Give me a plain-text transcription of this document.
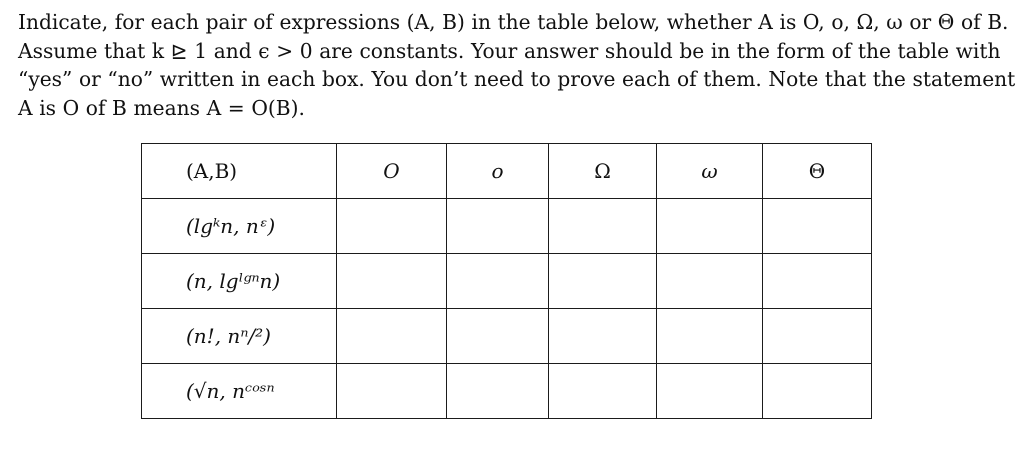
Indicate, for each pair of expressions (A, B) in the table below, whether A is O, o, Ω, ω or Θ of B.
Assume that k ⊵ 1 and ϵ > 0 are constants. Your answer should be in the form of the table with
“yes” or “no” written in each box. You don’t need to prove each of them. Note that the statement
A is O of B means A = O(B).
(A,B)	O	o	Ω	ω	Θ
(lgᵏn, nᵋ)					
(n, lgˡᵍⁿn)					
(n!, nⁿ/²)					
(√n, nᶜᵒˢⁿ					
